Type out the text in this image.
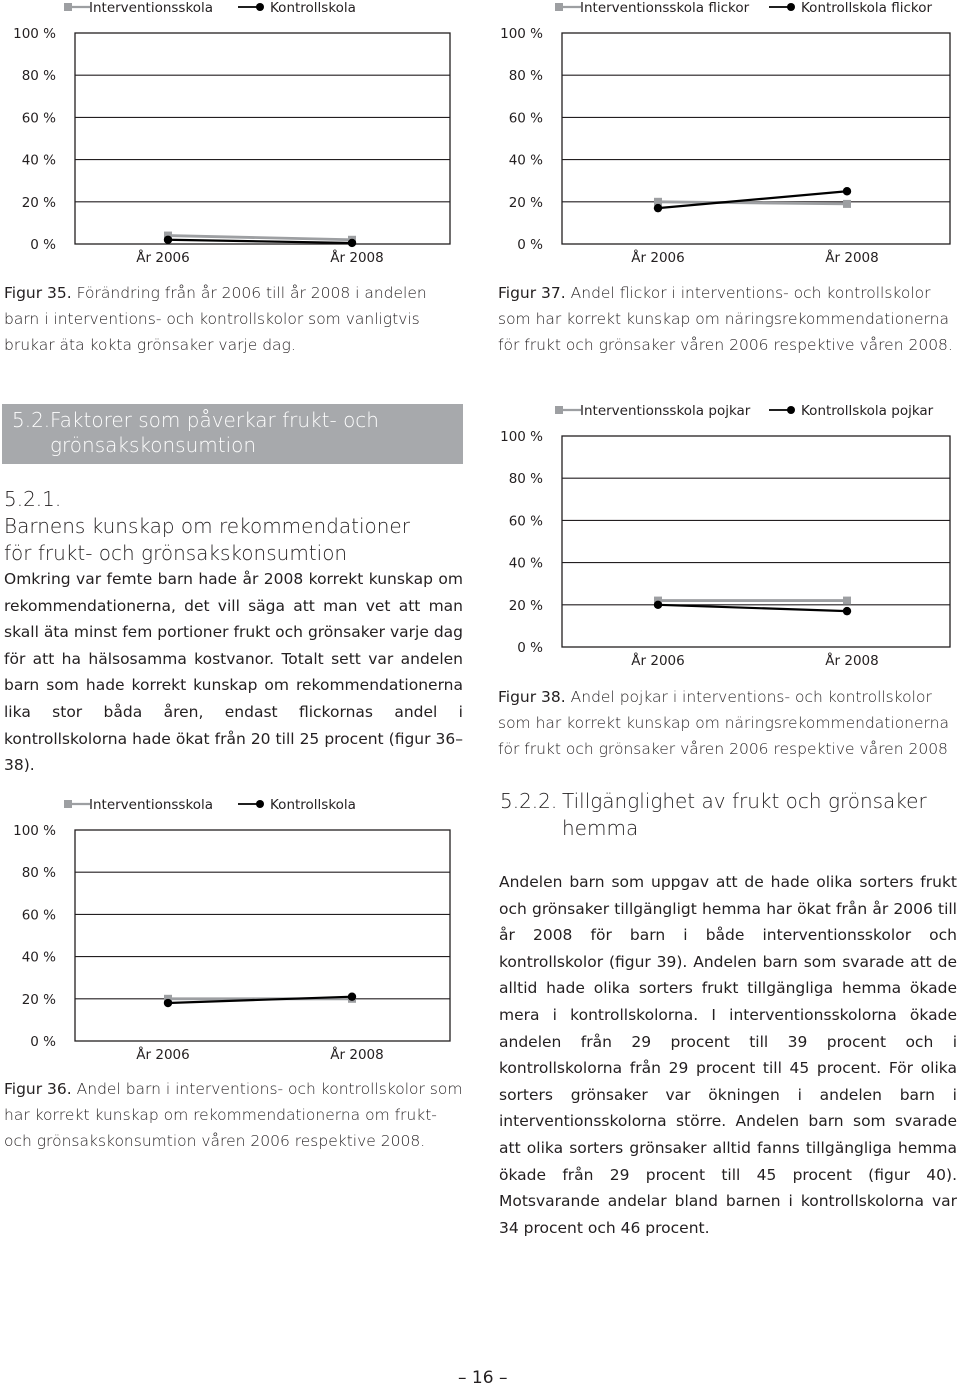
0 %
20 %
40 %
60 %
80 %
100 %
År 2006	År 2008
Interventionsskola	Kontrollskola
0 %
20 %
40 %
60 %
80 %
100 %
År 2006	År 2008
Interventionsskola flickor	Kontrollskola flickor
0 %
20 %
40 %
60 %
80 %
100 %
År 2006	År 2008
Interventionsskola pojkar	Kontrollskola pojkar
0 %
20 %
40 %
60 %
80 %
100 %
År 2006	År 2008
Interventionsskola	Kontrollskola
Figur 35. Förändring från år 2006 till år 2008 i andelen barn i interventions- och kontrollskolor som vanligtvis brukar äta kokta grönsaker varje dag.
Figur 37. Andel flickor i interventions- och kontrollskolor som har korrekt kunskap om näringsrekommendationerna för frukt och grönsaker våren 2006 respektive våren 2008.
Figur 38. Andel pojkar i interventions- och kontrollskolor som har korrekt kunskap om näringsrekommendationerna för frukt och grönsaker våren 2006 respektive våren 2008
Figur 36. Andel barn i interventions- och kontrollskolor som har korrekt kunskap om rekommendationerna om frukt- och grönsakskonsumtion våren 2006 respektive 2008.
5.2.Faktorer som påverkar frukt- och
grönsakskonsumtion
5.2.1.Barnens kunskap om rekommendationer
för frukt- och grönsakskonsumtion
Omkring var femte barn hade år 2008 korrekt kunskap om rekommendationerna, det vill säga att man vet att man skall äta minst fem portioner frukt och grönsaker varje dag för att ha hälsosamma kostvanor. Totalt sett var andelen barn som hade korrekt kunskap om rekommendationerna lika stor båda åren, endast flickornas andel i kontrollskolorna hade ökat från 20 till 25 procent (figur 36–38).
5.2.2. Tillgänglighet av frukt och grönsaker
hemma
Andelen barn som uppgav att de hade olika sorters frukt och grönsaker tillgängligt hemma har ökat från år 2006 till år 2008 för barn i både interventionsskolor och kontrollskolor (figur 39). Andelen barn som svarade att de alltid hade olika sorters frukt tillgängliga hemma ökade mera i kontrollskolorna. I interventionsskolorna ökade andelen från 29 procent till 39 procent och i kontrollskolorna från 29 procent till 45 procent. För olika sorters grönsaker var ökningen i andelen barn i interventionsskolorna större. Andelen barn som svarade att olika sorters grönsaker alltid fanns tillgängliga hemma ökade från 29 procent till 45 procent (figur 40). Motsvarande andelar bland barnen i kontrollskolorna var 34 procent och 46 procent.
– 16 –
